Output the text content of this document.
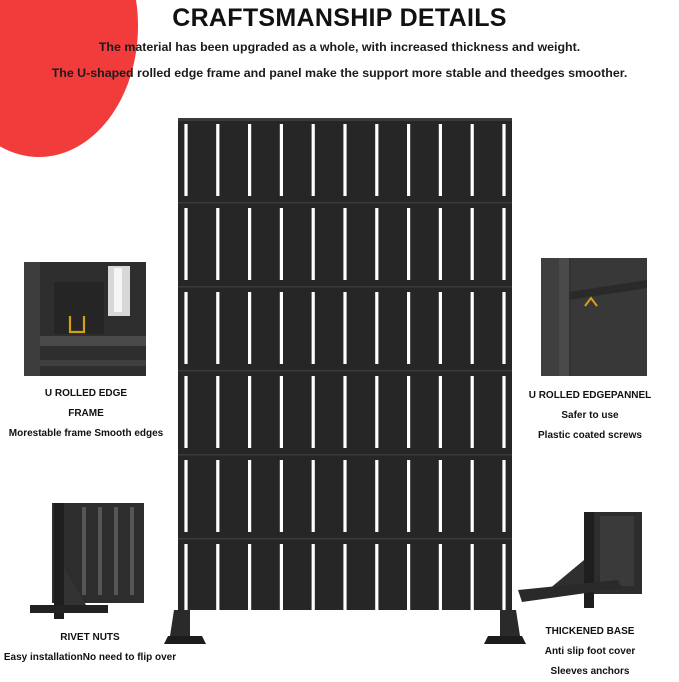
CRAFTSMANSHIP DETAILS
The material has been upgraded as a whole, with increased thickness and weight.
The U-shaped rolled edge frame and panel make the support more stable and theedges smoother.
U ROLLED EDGE
FRAME
Morestable frame Smooth edges
U ROLLED EDGEPANNEL
Safer to use
Plastic coated screws
RIVET NUTS
Easy installationNo need to flip over
THICKENED BASE
Anti slip foot cover
Sleeves anchors
